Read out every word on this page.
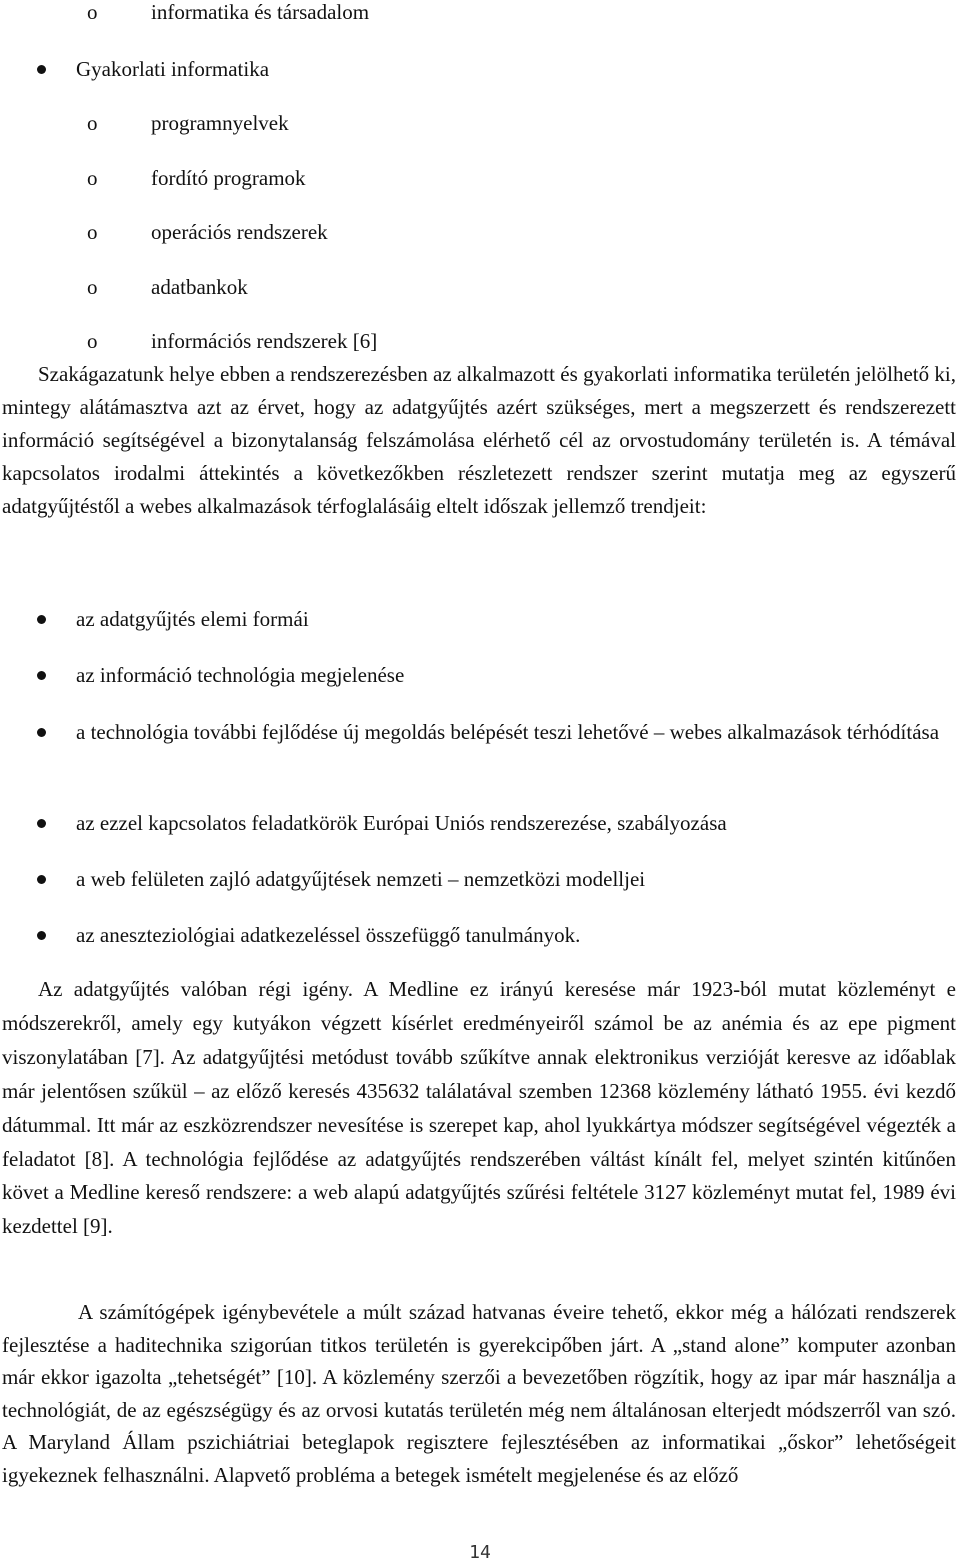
o	informatika és társadalom
Gyakorlati informatika
o	programnyelvek
o	fordító programok
o	operációs rendszerek
o	adatbankok
o	információs rendszerek [6]

Szakágazatunk helye ebben a rendszerezésben az alkalmazott és gyakorlati informatika területén jelölhető ki, mintegy alátámasztva azt az érvet, hogy az adatgyűjtés azért szükséges, mert a megszerzett és rendszerezett információ segítségével a bizonytalanság felszámolása elérhető cél az orvostudomány területén is. A témával kapcsolatos irodalmi áttekintés a következőkben részletezett rendszer szerint mutatja meg az egyszerű adatgyűjtéstől a webes alkalmazások térfoglalásáig eltelt időszak jellemző trendjeit:

az adatgyűjtés elemi formái
az információ technológia megjelenése
a technológia további fejlődése új megoldás belépését teszi lehetővé – webes alkalmazások térhódítása
az ezzel kapcsolatos feladatkörök Európai Uniós rendszerezése, szabályozása
a web felületen zajló adatgyűjtések nemzeti – nemzetközi modelljei
az aneszteziológiai adatkezeléssel összefüggő tanulmányok.

Az adatgyűjtés valóban régi igény. A Medline ez irányú keresése már 1923-ból mutat közleményt e módszerekről, amely egy kutyákon végzett kísérlet eredményeiről számol be az anémia és az epe pigment viszonylatában [7]. Az adatgyűjtési metódust tovább szűkítve annak elektronikus verzióját keresve az időablak már jelentősen szűkül – az előző keresés 435632 találatával szemben 12368 közlemény látható 1955. évi kezdő dátummal. Itt már az eszközrendszer nevesítése is szerepet kap, ahol lyukkártya módszer segítségével végezték a feladatot [8]. A technológia fejlődése az adatgyűjtés rendszerében váltást kínált fel, melyet szintén kitűnően követ a Medline kereső rendszere: a web alapú adatgyűjtés szűrési feltétele 3127 közleményt mutat fel, 1989 évi kezdettel [9].

A számítógépek igénybevétele a múlt század hatvanas éveire tehető, ekkor még a hálózati rendszerek fejlesztése a haditechnika szigorúan titkos területén is gyerekcipőben járt. A „stand alone” komputer azonban már ekkor igazolta „tehetségét” [10]. A közlemény szerzői a bevezetőben rögzítik, hogy az ipar már használja a technológiát, de az egészségügy és az orvosi kutatás területén még nem általánosan elterjedt módszerről van szó. A Maryland Állam pszichiátriai beteglapok regisztere fejlesztésében az informatikai „őskor” lehetőségeit igyekeznek felhasználni. Alapvető probléma a betegek ismételt megjelenése és az előző

14
